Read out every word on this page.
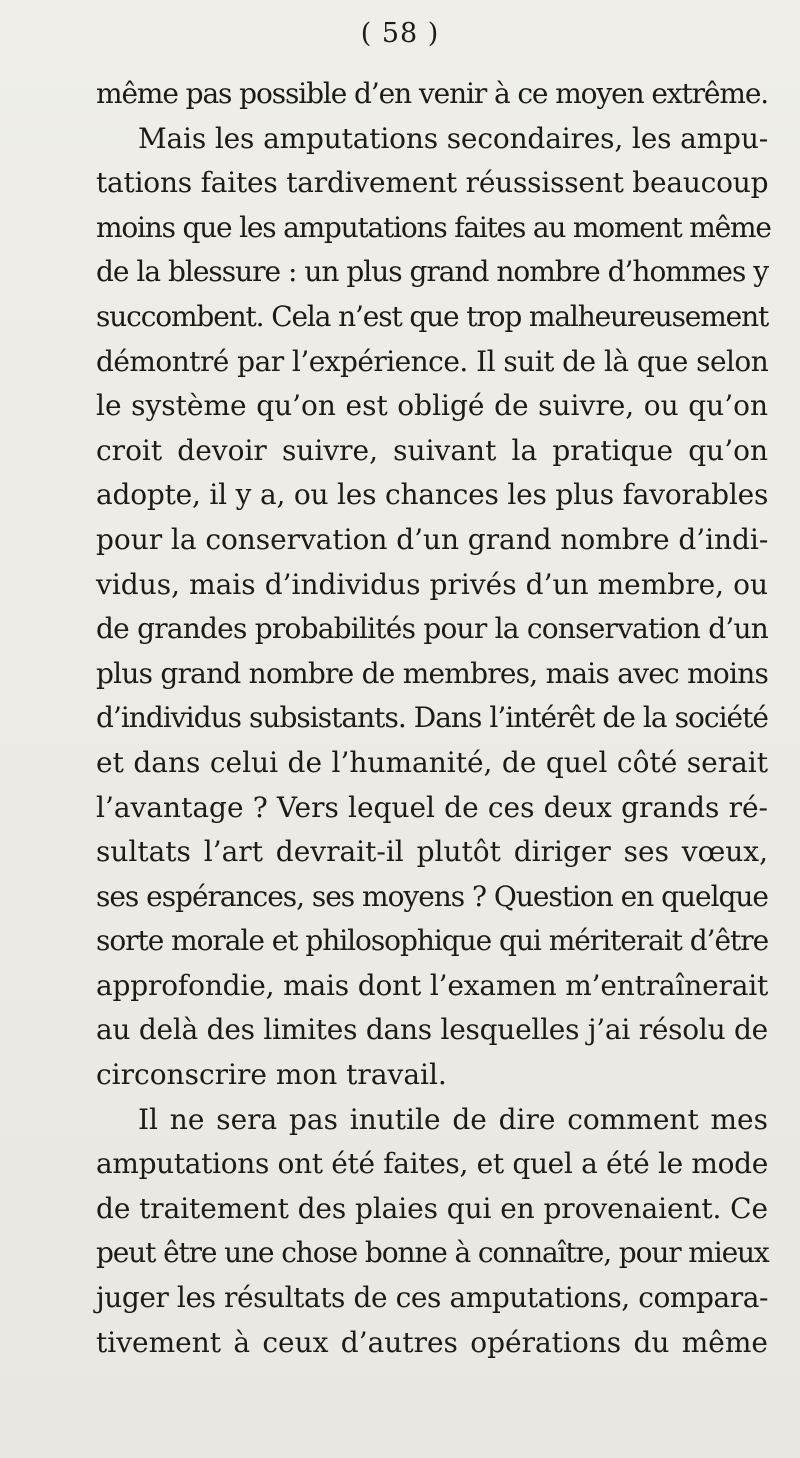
( 58 )
même pas possible d’en venir à ce moyen extrême.
Mais les amputations secondaires, les ampu-
tations faites tardivement réussissent beaucoup
moins que les amputations faites au moment même
de la blessure : un plus grand nombre d’hommes y
succombent. Cela n’est que trop malheureusement
démontré par l’expérience. Il suit de là que selon
le système qu’on est obligé de suivre, ou qu’on
croit devoir suivre, suivant la pratique qu’on
adopte, il y a, ou les chances les plus favorables
pour la conservation d’un grand nombre d’indi-
vidus, mais d’individus privés d’un membre, ou
de grandes probabilités pour la conservation d’un
plus grand nombre de membres, mais avec moins
d’individus subsistants. Dans l’intérêt de la société
et dans celui de l’humanité, de quel côté serait
l’avantage ? Vers lequel de ces deux grands ré-
sultats l’art devrait-il plutôt diriger ses vœux,
ses espérances, ses moyens ? Question en quelque
sorte morale et philosophique qui mériterait d’être
approfondie, mais dont l’examen m’entraînerait
au delà des limites dans lesquelles j’ai résolu de
circonscrire mon travail.
Il ne sera pas inutile de dire comment mes
amputations ont été faites, et quel a été le mode
de traitement des plaies qui en provenaient. Ce
peut être une chose bonne à connaître, pour mieux
juger les résultats de ces amputations, compara-
tivement à ceux d’autres opérations du même
